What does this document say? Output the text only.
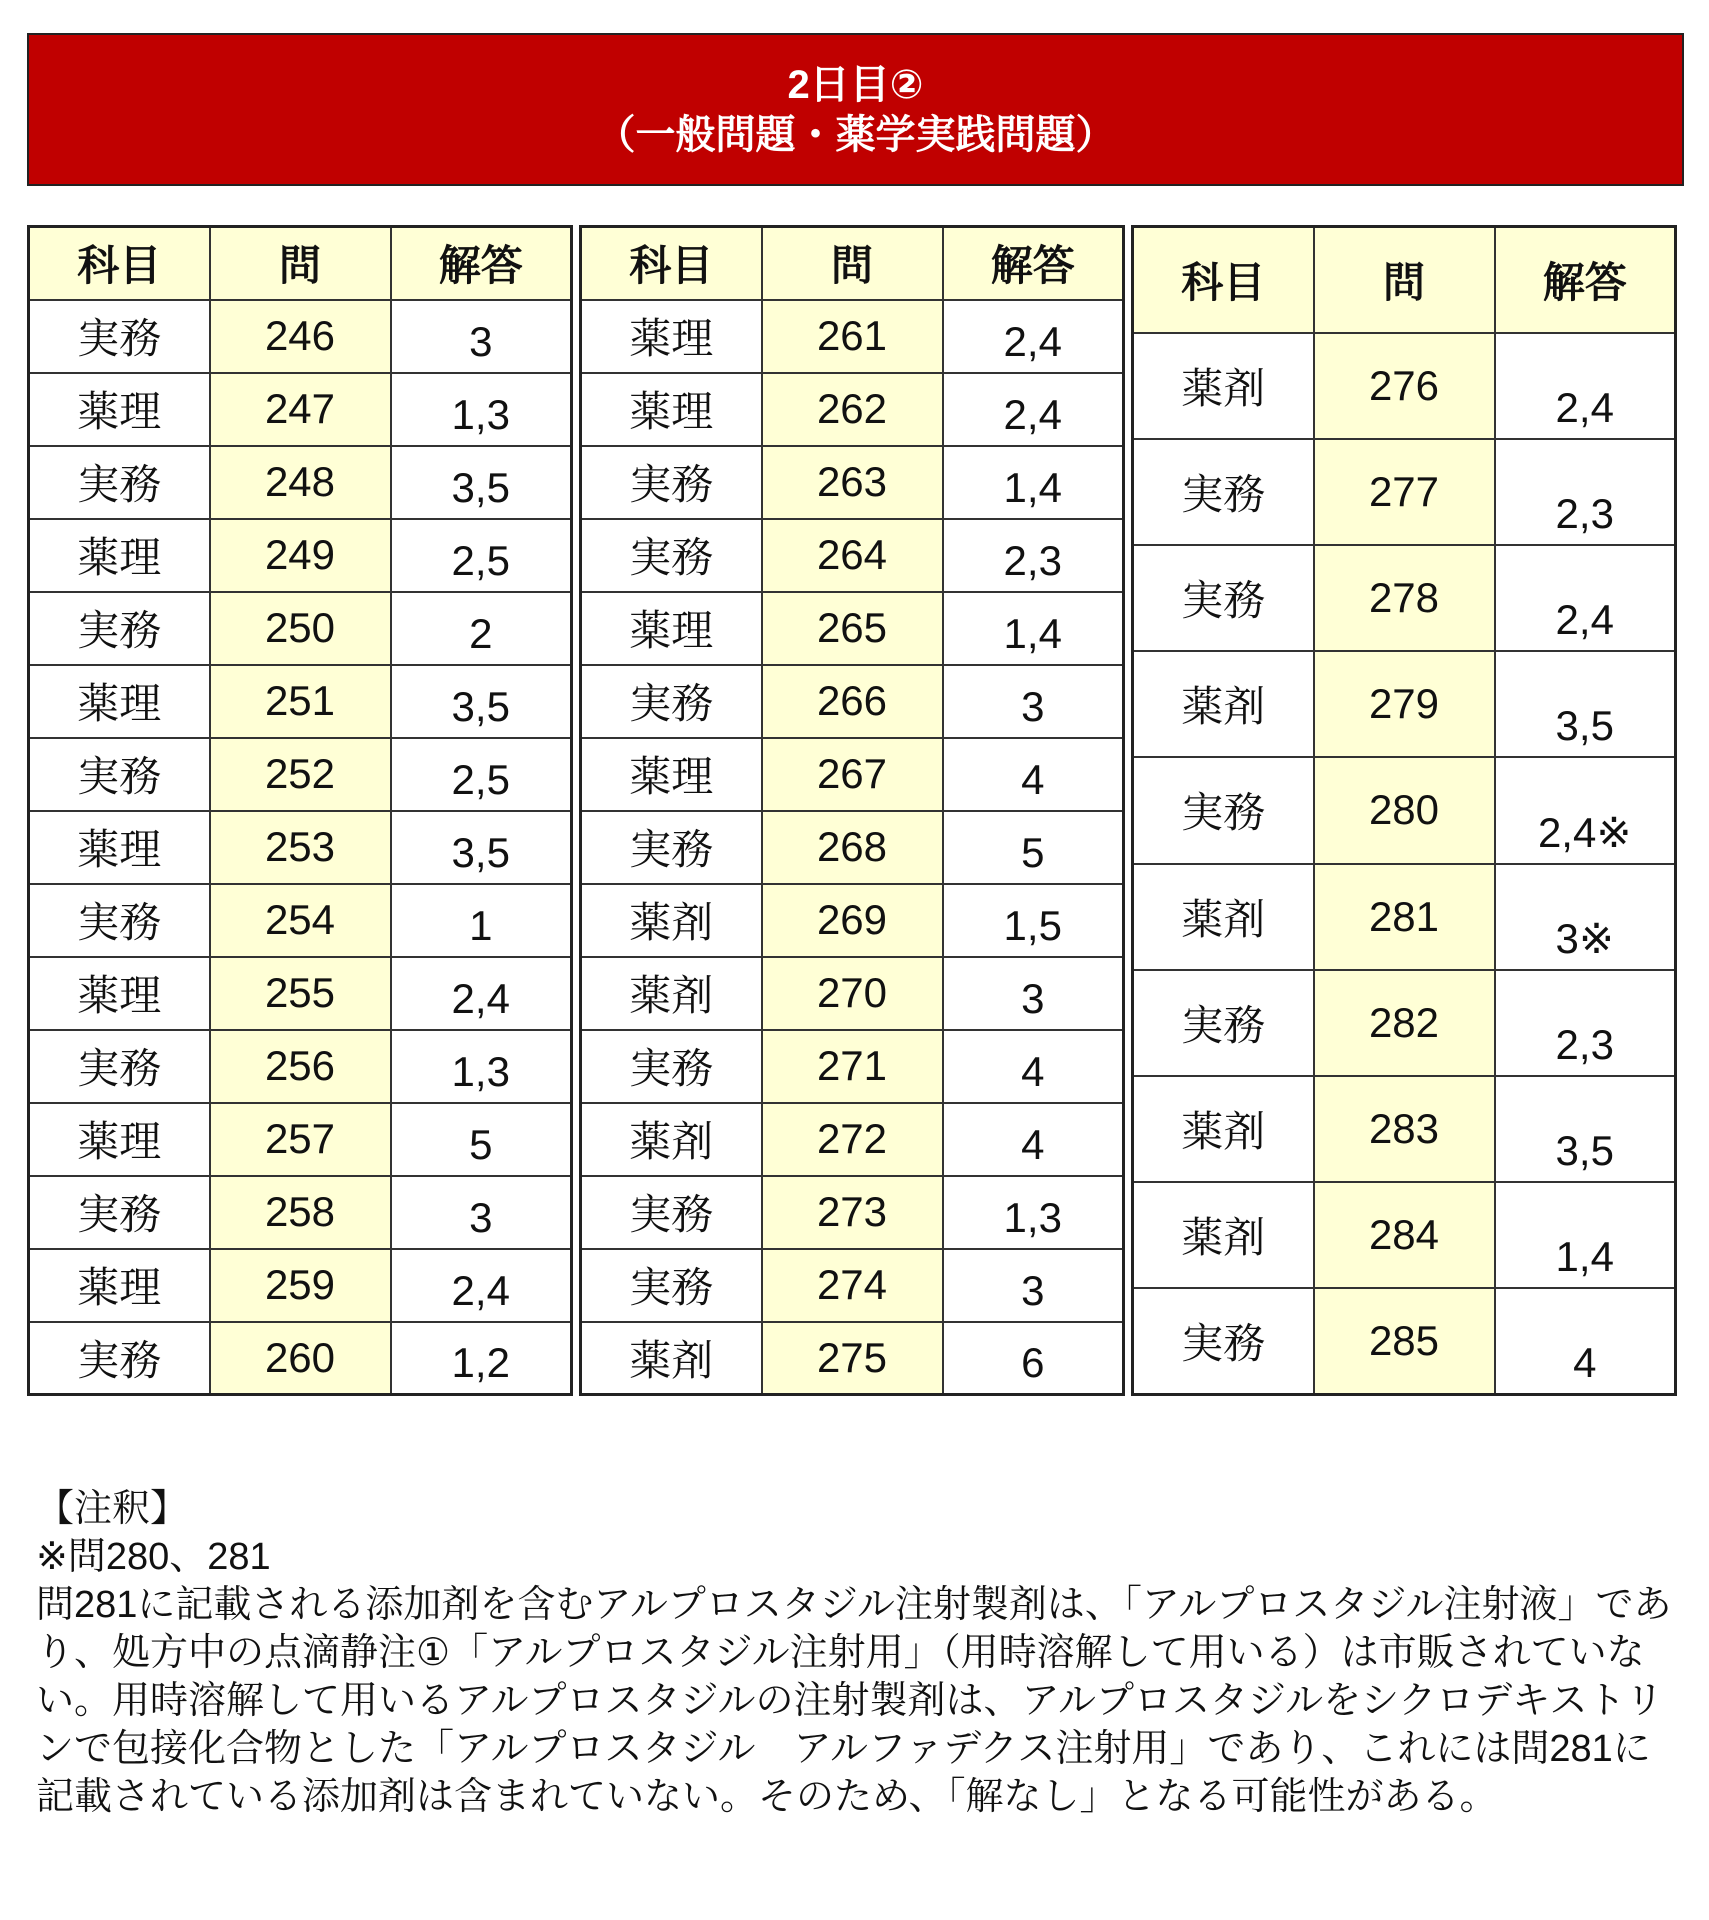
2日目②
（一般問題・薬学実践問題）
科目	問	解答
実務	246	3
薬理	247	1,3
実務	248	3,5
薬理	249	2,5
実務	250	2
薬理	251	3,5
実務	252	2,5
薬理	253	3,5
実務	254	1
薬理	255	2,4
実務	256	1,3
薬理	257	5
実務	258	3
薬理	259	2,4
実務	260	1,2
科目	問	解答
薬理	261	2,4
薬理	262	2,4
実務	263	1,4
実務	264	2,3
薬理	265	1,4
実務	266	3
薬理	267	4
実務	268	5
薬剤	269	1,5
薬剤	270	3
実務	271	4
薬剤	272	4
実務	273	1,3
実務	274	3
薬剤	275	6
科目	問	解答
薬剤	276	2,4
実務	277	2,3
実務	278	2,4
薬剤	279	3,5
実務	280	2,4※
薬剤	281	3※
実務	282	2,3
薬剤	283	3,5
薬剤	284	1,4
実務	285	4

【注釈】

※問280、281

問281に記載される添加剤を含むアルプロスタジル注射製剤は、「アルプロスタジル注射液」であり、処方中の点滴静注①「アルプロスタジル注射用」（用時溶解して用いる）は市販されていない。用時溶解して用いるアルプロスタジルの注射製剤は、アルプロスタジルをシクロデキストリンで包接化合物とした「アルプロスタジル　アルファデクス注射用」であり、これには問281に記載されている添加剤は含まれていない。そのため、「解なし」となる可能性がある。
